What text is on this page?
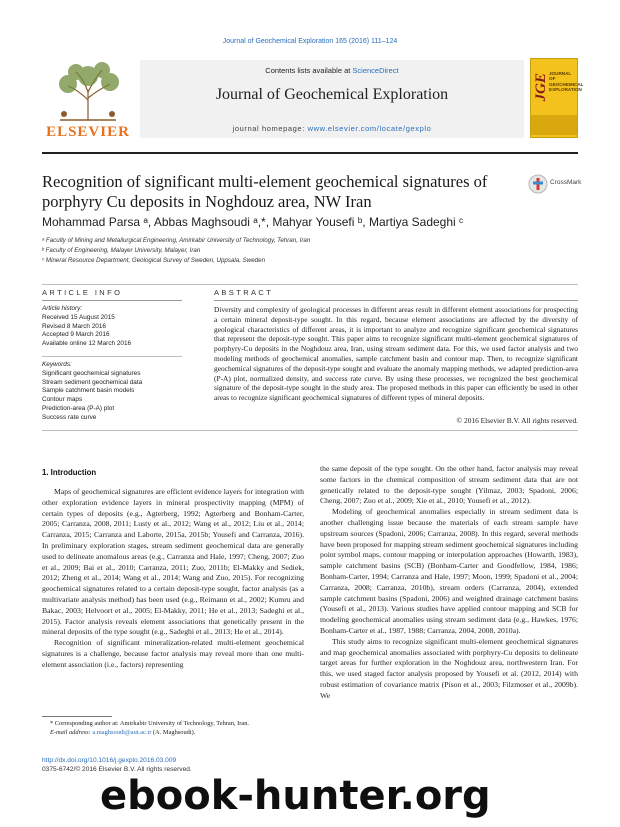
Journal of Geochemical Exploration 165 (2016) 111–124
ELSEVIER
Contents lists available at ScienceDirect
Journal of Geochemical Exploration
journal homepage: www.elsevier.com/locate/gexplo
JGE JOURNAL OF GEOCHEMICAL EXPLORATION
Recognition of significant multi-element geochemical signatures of porphyry Cu deposits in Noghdouz area, NW Iran
CrossMark
Mohammad Parsa ᵃ, Abbas Maghsoudi ᵃ,*, Mahyar Yousefi ᵇ, Martiya Sadeghi ᶜ
ᵃ Faculty of Mining and Metallurgical Engineering, Amirkabir University of Technology, Tehran, Iran
ᵇ Faculty of Engineering, Malayer University, Malayer, Iran
ᶜ Mineral Resource Department, Geological Survey of Sweden, Uppsala, Sweden
ARTICLE INFO	ABSTRACT
Article history:
Received 15 August 2015
Revised 8 March 2016
Accepted 9 March 2016
Available online 12 March 2016
Keywords:
Significant geochemical signatures
Stream sediment geochemical data
Sample catchment basin models
Contour maps
Prediction-area (P-A) plot
Success rate curve
Diversity and complexity of geological processes in different areas result in different element associations for prospecting a certain mineral deposit-type sought. In this regard, because element associations are affected by the diversity of geological characteristics of different areas, it is important to analyze and recognize significant geochemical signatures that represent the deposit-type sought. This paper aims to recognize significant multi-element geochemical signatures of porphyry-Cu deposits in the Noghdouz area, Iran, using stream sediment data. For this, we used factor analysis and two modeling methods of geochemical anomalies, sample catchment basin and contour map. Then, to recognize significant geochemical signatures of the deposit-type sought and evaluate the anomaly mapping methods, we adapted prediction-area (P-A) plot, normalized density, and success rate curve. By using these processes, we recognized the best geochemical signature of the deposit-type sought in the study area. The proposed methods in this paper can efficiently be used in other areas to recognize significant geochemical signatures of different types of mineral deposits.
© 2016 Elsevier B.V. All rights reserved.
1. Introduction

Maps of geochemical signatures are efficient evidence layers for integration with other exploration evidence layers in mineral prospectivity mapping (MPM) of certain types of deposits (e.g., Agterberg, 1992; Agterberg and Bonham-Carter, 2005; Carranza, 2008, 2011; Lusty et al., 2012; Wang et al., 2012; Liu et al., 2014; Carranza, 2015; Carranza and Laborte, 2015a, 2015b; Yousefi and Carranza, 2016). In preliminary exploration stages, stream sediment geochemical data are generally used to delineate anomalous areas (e.g., Carranza and Hale, 1997; Cheng, 2007; Zuo et al., 2009; Bai et al., 2010; Carranza, 2011; Zuo, 2011b; El-Makky and Sediek, 2012; Zheng et al., 2014; Wang et al., 2014; Wang and Zuo, 2015). For recognizing geochemical signatures related to a certain deposit-type sought, factor analysis (as a multivariate analysis method) has been used (e.g., Reimann et al., 2002; Kumru and Bakac, 2003; Helvoort et al., 2005; El-Makky, 2011; He et al., 2013; Sadeghi et al., 2015). Factor analysis reveals element associations that genetically present in the mineral deposits of the type sought (e.g., Sadeghi et al., 2013; He et al., 2014).

Recognition of significant mineralization-related multi-element geochemical signatures is a challenge, because factor analysis may reveal more than one multi-element association (i.e., factors) representing

the same deposit of the type sought. On the other hand, factor analysis may reveal some factors in the chemical composition of stream sediment data that are not genetically related to the deposit-type sought (Yilmaz, 2003; Spadoni, 2006; Cheng, 2007; Zuo et al., 2009; Xie et al., 2010; Yousefi et al., 2012).

Modeling of geochemical anomalies especially in stream sediment data is another challenging issue because the materials of each stream sample have upstream sources (Spadoni, 2006; Carranza, 2008). In this regard, several methods have been proposed for mapping stream sediment geochemical signatures including point symbol maps, contour mapping or interpolation approaches (Howarth, 1983), sample catchment basins (SCB) (Bonham-Carter and Goodfellow, 1984, 1986; Bonham-Carter, 1994; Carranza and Hale, 1997; Moon, 1999; Spadoni et al., 2004; Carranza, 2008; Carranza, 2010b), stream orders (Carranza, 2004), extended sample catchment basins (Spadoni, 2006) and weighted drainage catchment basins (Yousefi et al., 2013). Various studies have applied contour mapping and SCB for modeling geochemical anomalies using stream sediment data (e.g., Hawkes, 1976; Bonham-Carter et al., 1987, 1988; Carranza, 2004, 2008, 2010a).

This study aims to recognize significant multi-element geochemical signatures and map geochemical anomalies associated with porphyry-Cu deposits to delineate target areas for further exploration in the Noghdouz area, northwestern Iran. For this, we used staged factor analysis proposed by Yousefi et al. (2012, 2014) with robust estimation of covariance matrix (Pison et al., 2003; Filzmoser et al., 2009b). We

* Corresponding author at: Amirkabir University of Technology, Tehran, Iran.
E-mail address: a.maghsoudi@aut.ac.ir (A. Maghsoudi).
http://dx.doi.org/10.1016/j.gexplo.2016.03.009
0375-6742/© 2016 Elsevier B.V. All rights reserved.
ebook-hunter.org
